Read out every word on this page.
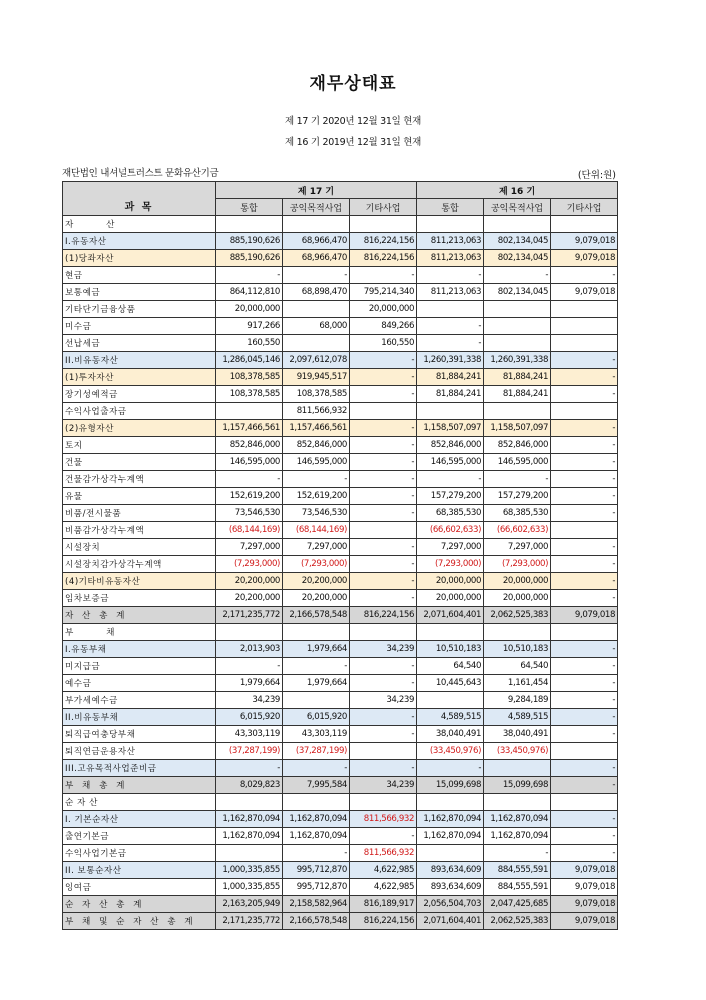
재무상태표
제 17 기 2020년 12월 31일 현재
제 16 기 2019년 12월 31일 현재
재단법인 내셔널트러스트 문화유산기금	(단위:원)
과 목	제 17 기			제 16 기		
	통합	공익목적사업	기타사업	통합	공익목적사업	기타사업
자          산						
I.유동자산	885,190,626	68,966,470	816,224,156	811,213,063	802,134,045	9,079,018
(1)당좌자산	885,190,626	68,966,470	816,224,156	811,213,063	802,134,045	9,079,018
현금	-	-	-	-	-	-
보통예금	864,112,810	68,898,470	795,214,340	811,213,063	802,134,045	9,079,018
기타단기금융상품	20,000,000		20,000,000			
미수금	917,266	68,000	849,266	-		
선납세금	160,550		160,550	-		
II.비유동자산	1,286,045,146	2,097,612,078	-	1,260,391,338	1,260,391,338	-
(1)투자자산	108,378,585	919,945,517	-	81,884,241	81,884,241	-
장기성예적금	108,378,585	108,378,585	-	81,884,241	81,884,241	-
수익사업출자금		811,566,932				
(2)유형자산	1,157,466,561	1,157,466,561	-	1,158,507,097	1,158,507,097	-
토지	852,846,000	852,846,000	-	852,846,000	852,846,000	-
건물	146,595,000	146,595,000	-	146,595,000	146,595,000	-
건물감가상각누계액	-	-	-	-	-	-
유물	152,619,200	152,619,200	-	157,279,200	157,279,200	-
비품/전시물품	73,546,530	73,546,530	-	68,385,530	68,385,530	-
비품감가상각누계액	(68,144,169)	(68,144,169)		(66,602,633)	(66,602,633)	
시설장치	7,297,000	7,297,000	-	7,297,000	7,297,000	-
시설장치감가상각누계액	(7,293,000)	(7,293,000)	-	(7,293,000)	(7,293,000)	-
(4)기타비유동자산	20,200,000	20,200,000	-	20,000,000	20,000,000	-
임차보증금	20,200,000	20,200,000	-	20,000,000	20,000,000	-
자 산 총 계	2,171,235,772	2,166,578,548	816,224,156	2,071,604,401	2,062,525,383	9,079,018
부          채						
I.유동부채	2,013,903	1,979,664	34,239	10,510,183	10,510,183	-
미지급금	-	-	-	64,540	64,540	-
예수금	1,979,664	1,979,664	-	10,445,643	1,161,454	-
부가세예수금	34,239		34,239		9,284,189	-
II.비유동부채	6,015,920	6,015,920	-	4,589,515	4,589,515	-
퇴직급여충당부채	43,303,119	43,303,119	-	38,040,491	38,040,491	-
퇴직연금운용자산	(37,287,199)	(37,287,199)		(33,450,976)	(33,450,976)	
III.고유목적사업준비금	-	-	-	-		-
부 채 총 계	8,029,823	7,995,584	34,239	15,099,698	15,099,698	-
순 자 산						
I. 기본순자산	1,162,870,094	1,162,870,094	811,566,932	1,162,870,094	1,162,870,094	-
출연기본금	1,162,870,094	1,162,870,094	-	1,162,870,094	1,162,870,094	-
수익사업기본금		-	811,566,932		-	-
II. 보통순자산	1,000,335,855	995,712,870	4,622,985	893,634,609	884,555,591	9,079,018
잉여금	1,000,335,855	995,712,870	4,622,985	893,634,609	884,555,591	9,079,018
순 자 산 총 계	2,163,205,949	2,158,582,964	816,189,917	2,056,504,703	2,047,425,685	9,079,018
부 채 및 순 자 산 총 계	2,171,235,772	2,166,578,548	816,224,156	2,071,604,401	2,062,525,383	9,079,018
